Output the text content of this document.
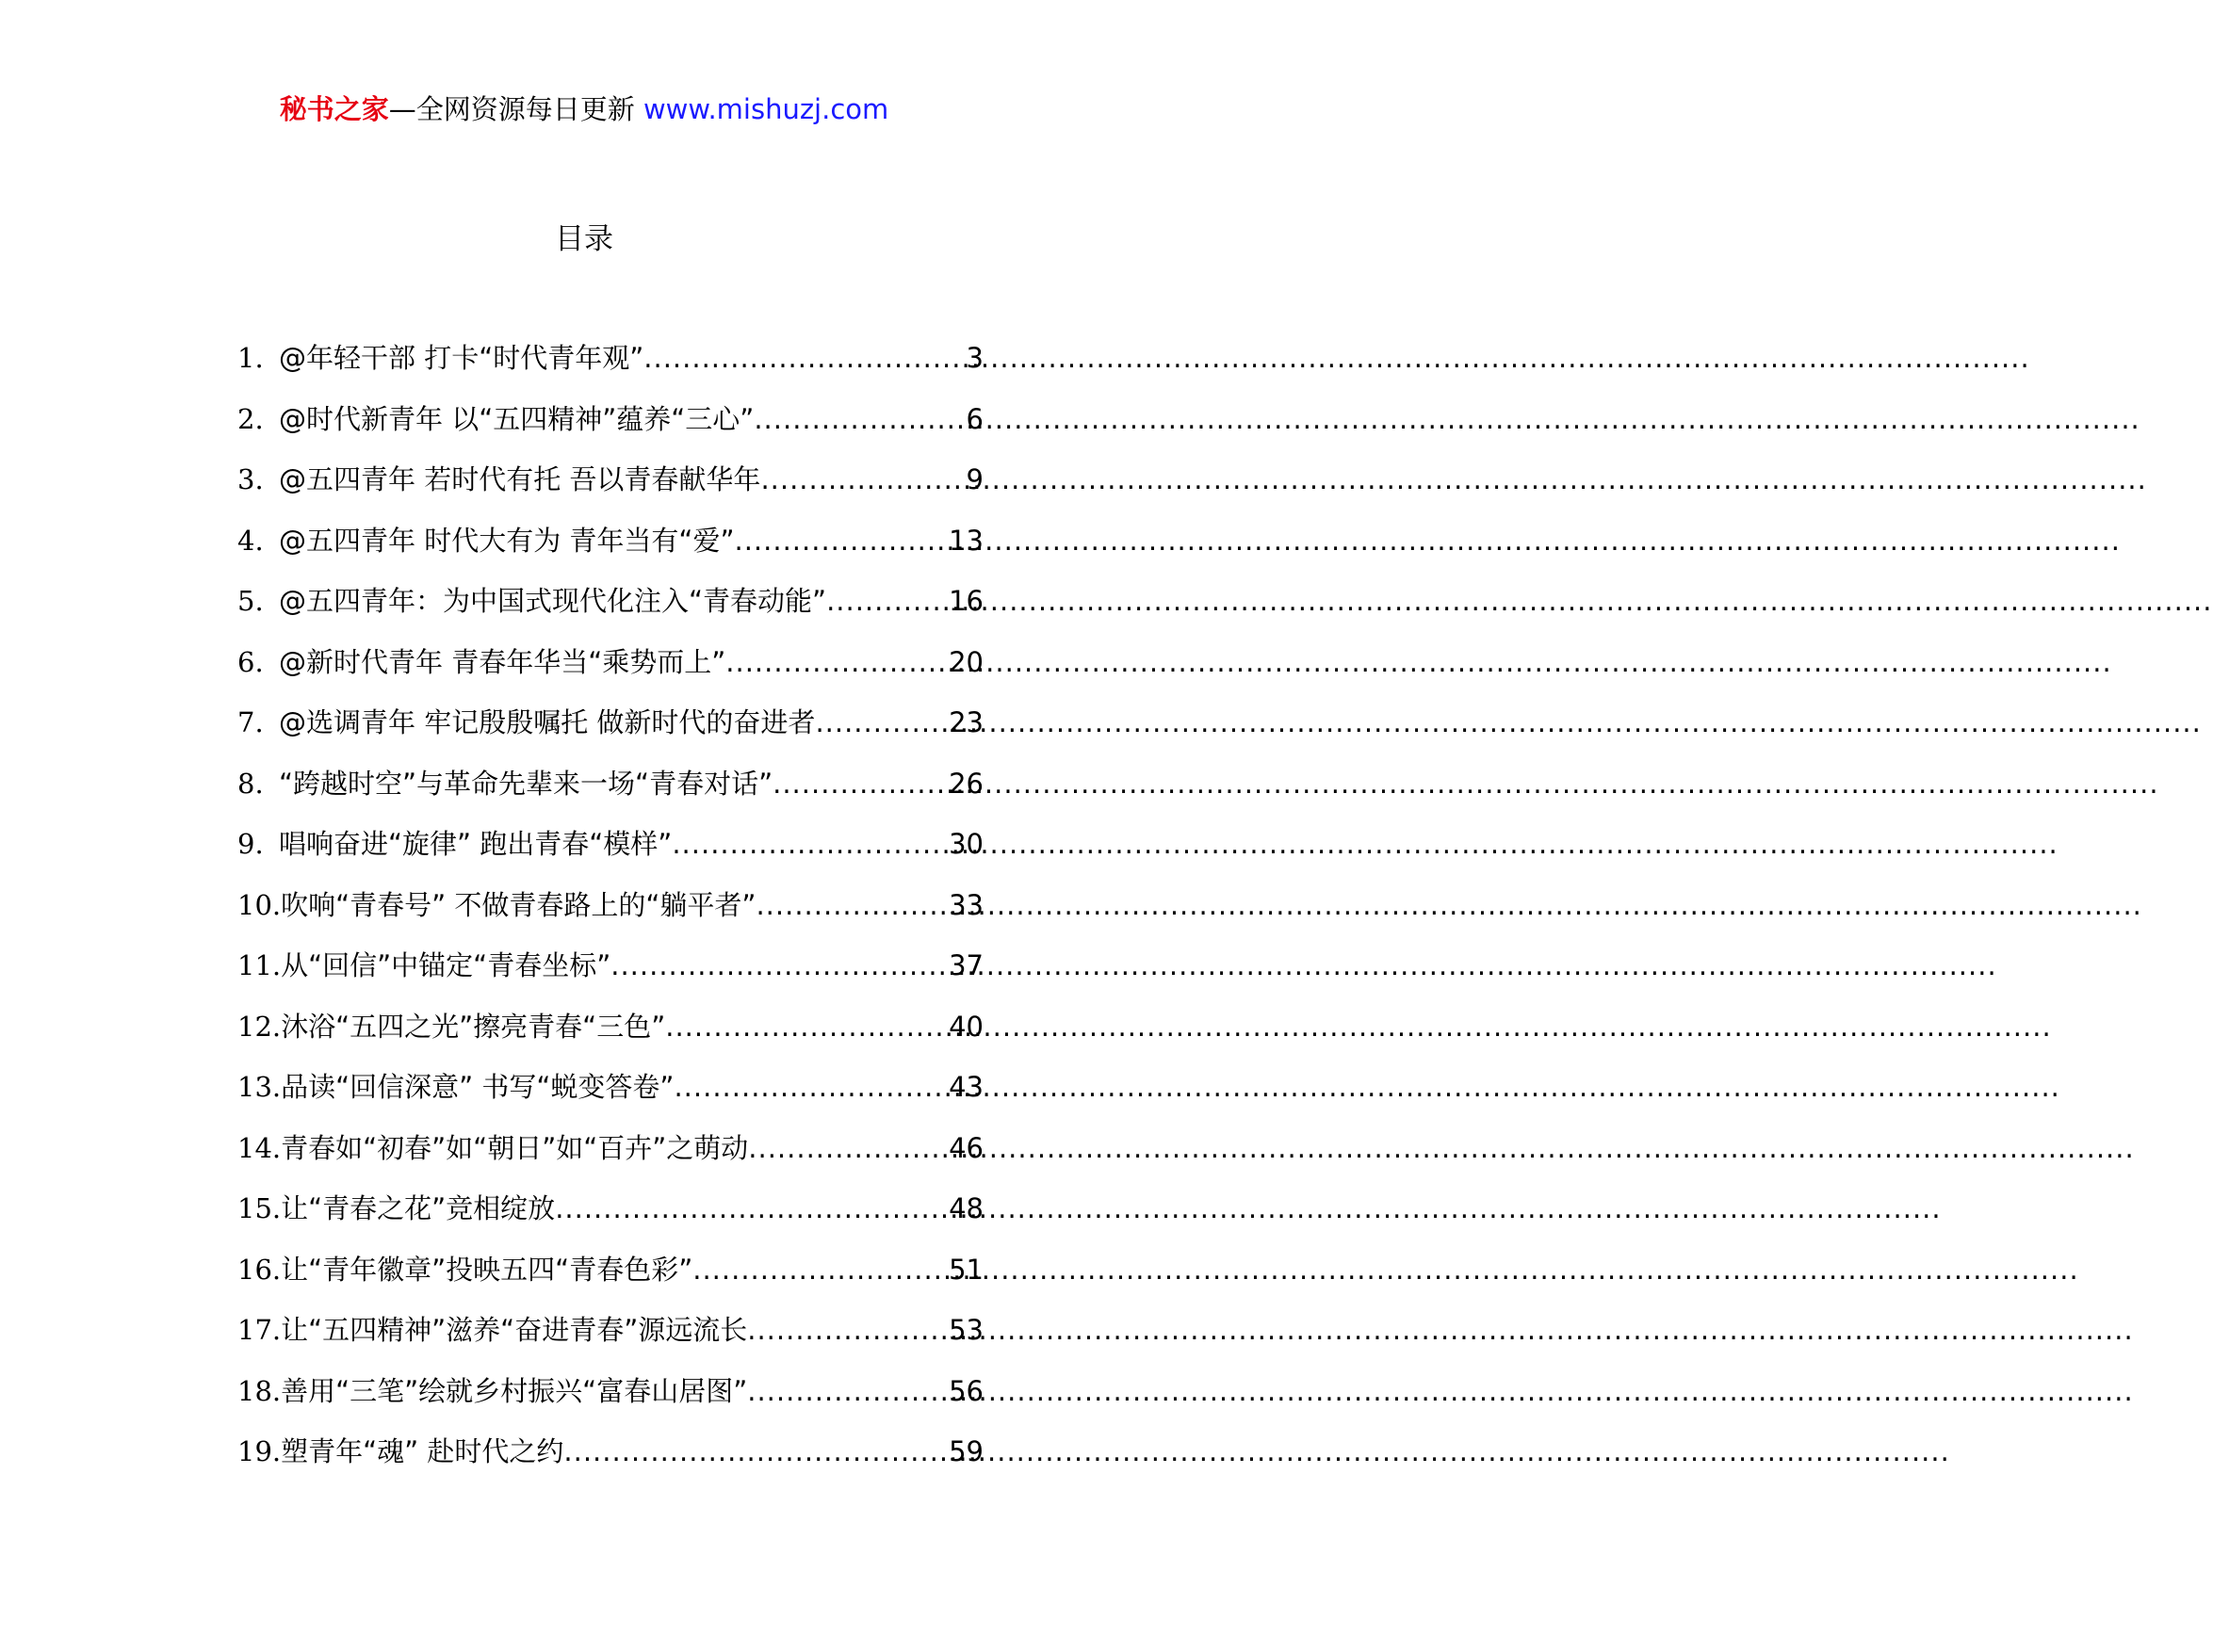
秘书之家—全网资源每日更新 www.mishuzj.com
目录
1. @年轻干部 打卡“时代青年观” .....	3
2. @时代新青年 以“五四精神”蕴养“三心” .....	6
3. @五四青年 若时代有托 吾以青春献华年 .....	9
4. @五四青年 时代大有为 青年当有“爱” .....	13
5. @五四青年：为中国式现代化注入“青春动能” .....	16
6. @新时代青年 青春年华当“乘势而上” .....	20
7. @选调青年 牢记殷殷嘱托 做新时代的奋进者 .....	23
8. “跨越时空”与革命先辈来一场“青春对话” .....	26
9. 唱响奋进“旋律” 跑出青春“模样” .....	30
10. 吹响“青春号” 不做青春路上的“躺平者” .....	33
11. 从“回信”中锚定“青春坐标” .....	37
12. 沐浴“五四之光”擦亮青春“三色” .....	40
13. 品读“回信深意” 书写“蜕变答卷” .....	43
14. 青春如“初春”如“朝日”如“百卉”之萌动 .....	46
15. 让“青春之花”竞相绽放 .....	48
16. 让“青年徽章”投映五四“青春色彩” .....	51
17. 让“五四精神”滋养“奋进青春”源远流长 .....	53
18. 善用“三笔”绘就乡村振兴“富春山居图” .....	56
19. 塑青年“魂” 赴时代之约 .....	59
